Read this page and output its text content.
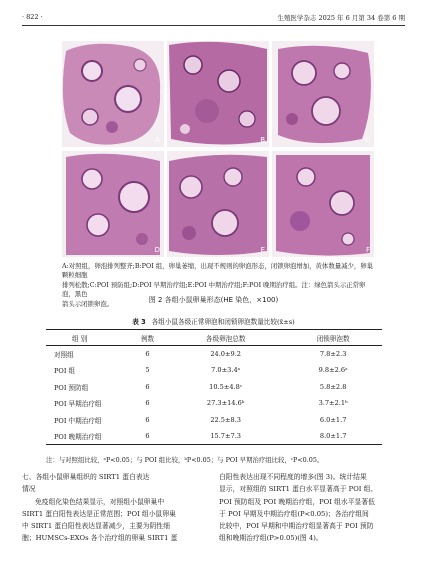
· 822 ·	生殖医学杂志 2025 年 6 月第 34 卷第 6 期
A	B	C
D	E	F
A:对照组，卵泡排列整齐;B:POI 组，卵巢萎缩，出现不规则的卵泡形态，闭锁卵泡增加，黄体数量减少，卵巢颗粒细胞
排列松散;C:POI 预防组;D:POI 早期治疗组;E:POI 中期治疗组;F:POI 晚期治疗组。注：绿色箭头示正常卵泡，黑色
箭头示闭锁卵泡。	图 2 各组小鼠卵巢形态(HE 染色，×100)
表 3 各组小鼠各级正常卵泡和闭锁卵泡数量比较(x̄±s)
组 别	例数	各级卵泡总数	闭锁卵泡数
对照组	6	24.0±9.2	7.8±2.3
POI 组	5	7.0±3.4ᵃ	9.8±2.6ᵃ
POI 预防组	6	10.5±4.8ᶜ	5.8±2.8
POI 早期治疗组	6	27.3±14.6ᵇ	3.7±2.1ᵇ
POI 中期治疗组	6	22.5±8.3	6.0±1.7
POI 晚期治疗组	6	15.7±7.3	8.0±1.7
注：与对照组比较，ᵃP<0.05；与 POI 组比较，ᵇP<0.05；与 POI 早期治疗组比较，ᶜP<0.05。
七、各组小鼠卵巢组织的 SIRT1 蛋白表达
情况
免疫组化染色结果显示，对照组小鼠卵巢中
SIRT1 蛋白阳性表达是正常范围；POI 组小鼠卵巢
中 SIRT1 蛋白阳性表达显著减少，主要为阴性细
胞；HUMSCs-EXOs 各个治疗组的卵巢 SIRT1 蛋
白阳性表达出现不同程度的增多(图 3)。统计结果
显示，对照组的 SIRT1 蛋白水平显著高于 POI 组、
POI 预防组及 POI 晚期治疗组，POI 组水平显著低
于 POI 早期及中期治疗组(P<0.05)；各治疗组间
比较中，POI 早期和中期治疗组显著高于 POI 预防
组和晚期治疗组(P>0.05)(图 4)。
